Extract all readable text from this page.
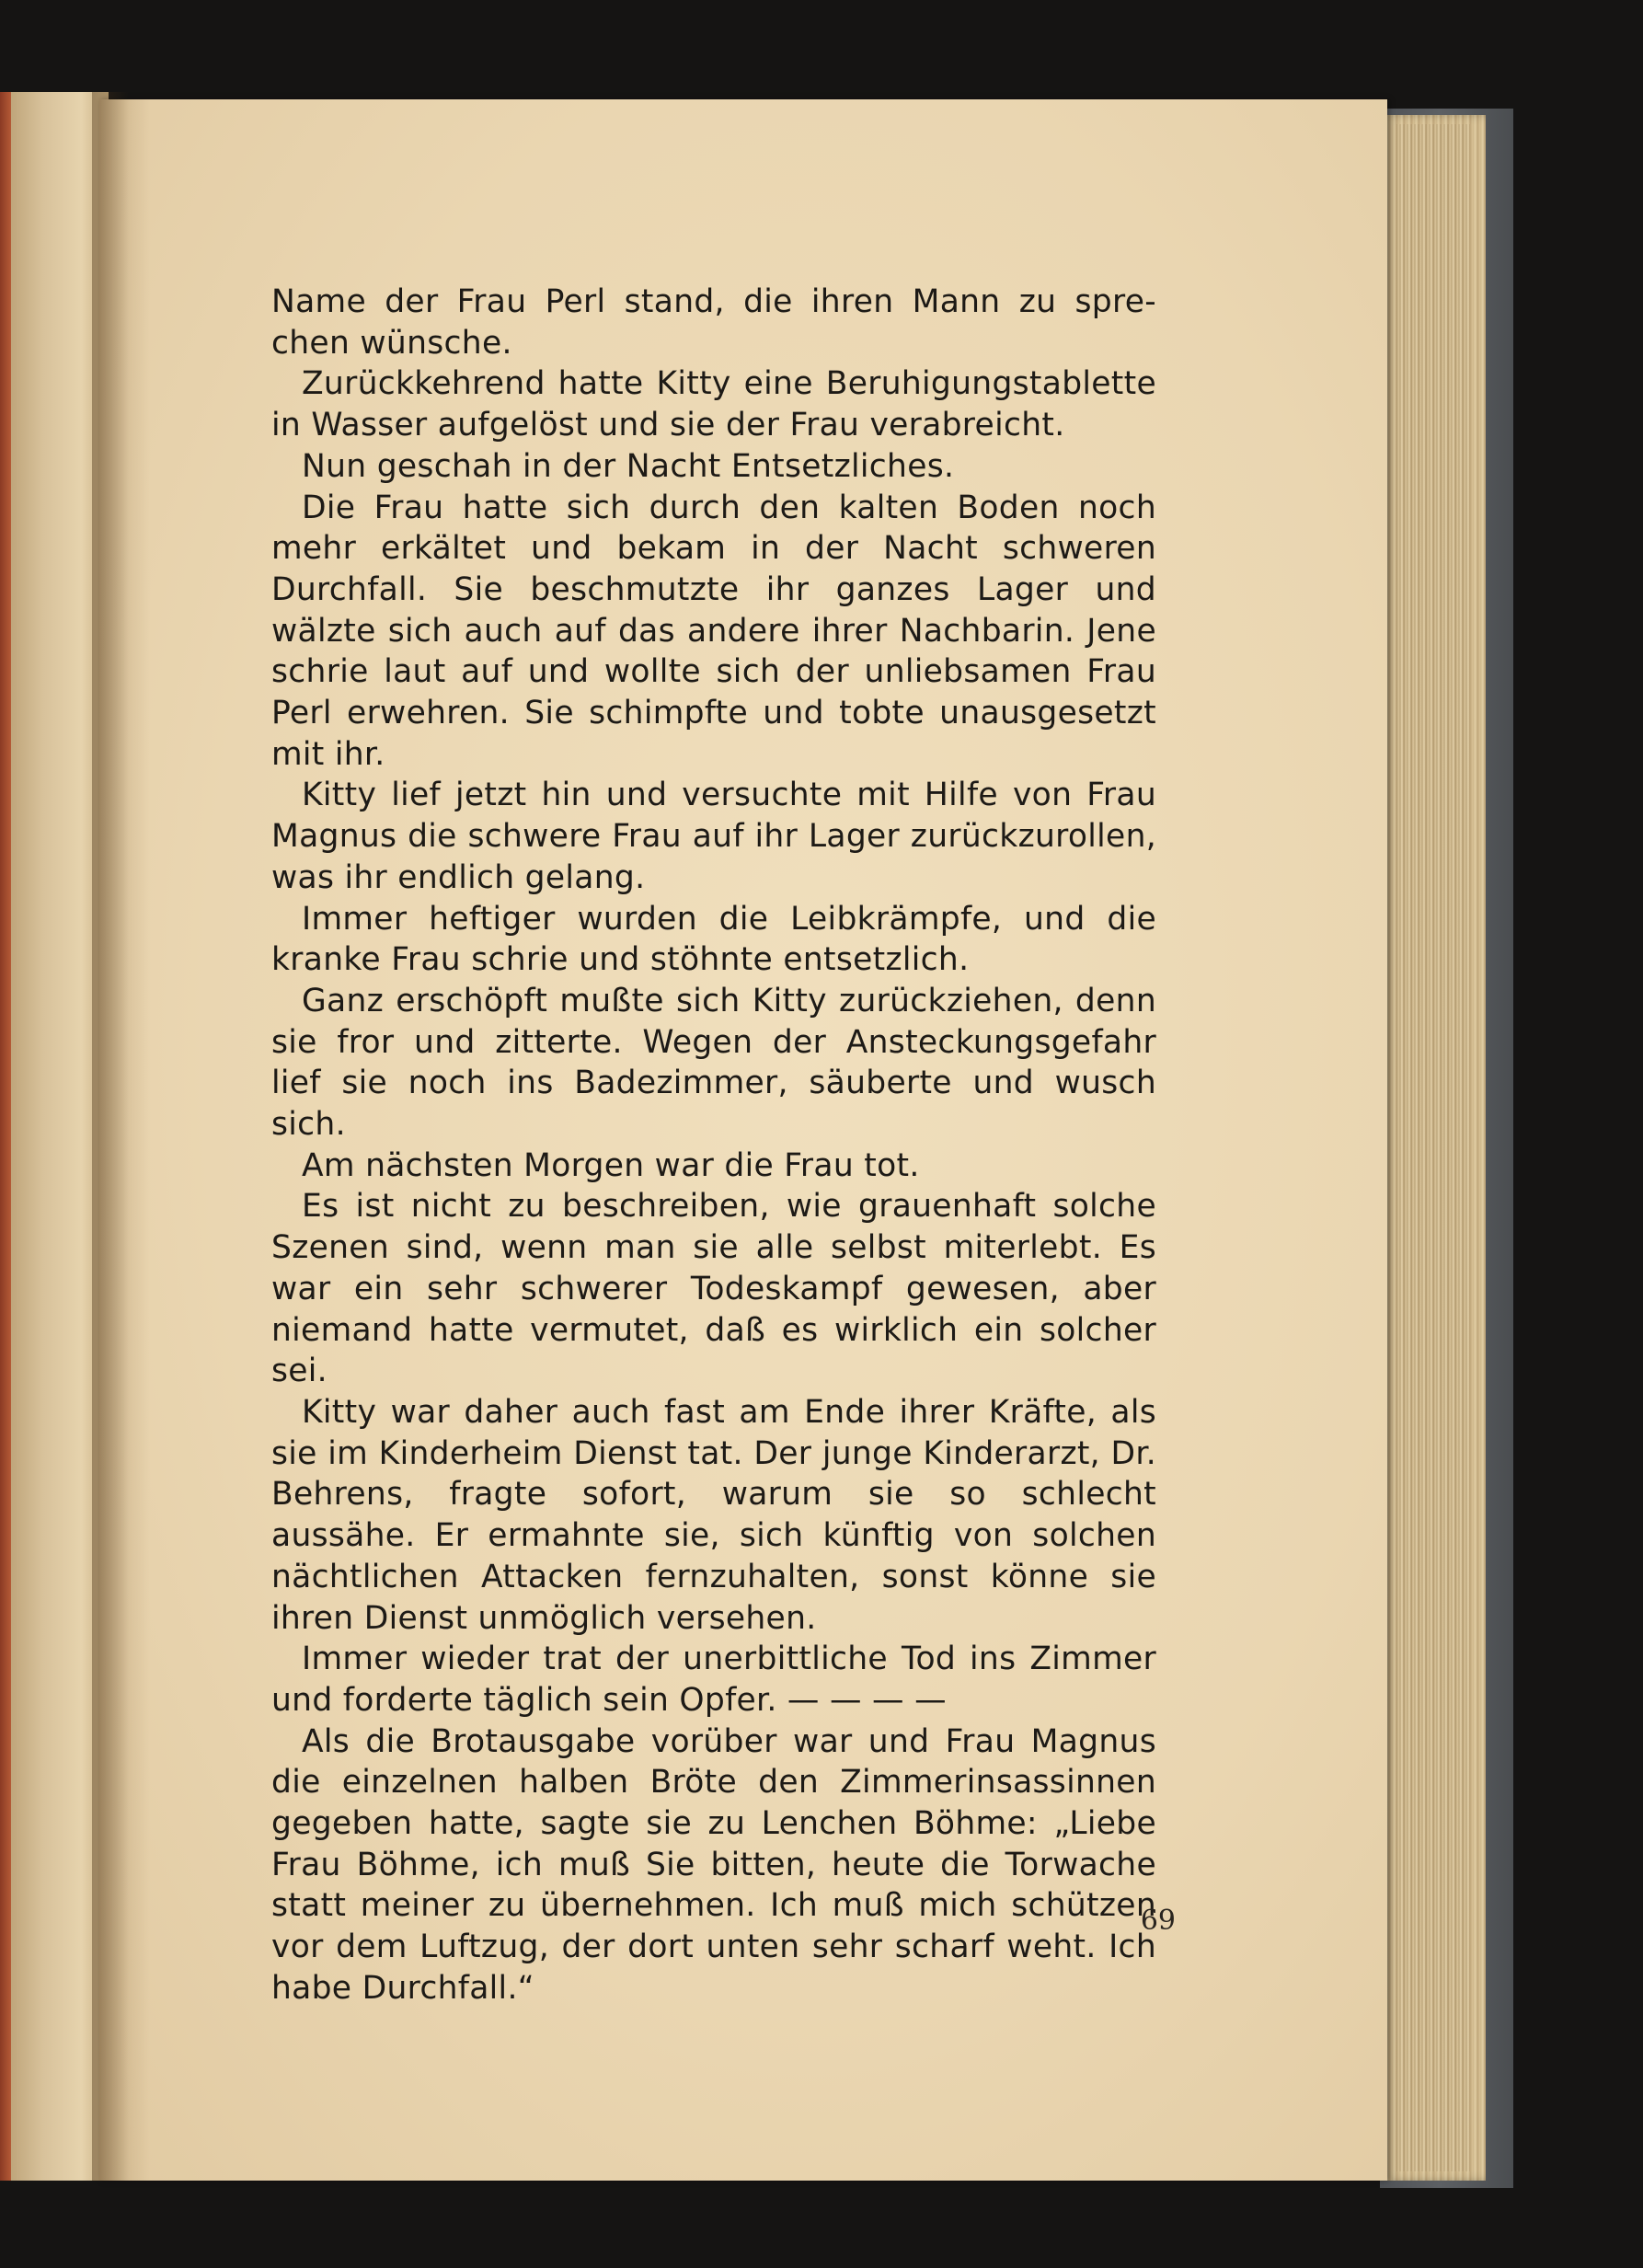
Name der Frau Perl stand, die ihren Mann zu spre- chen wünsche.

Zurückkehrend hatte Kitty eine Beruhigungstablette in Wasser aufgelöst und sie der Frau verabreicht.

Nun geschah in der Nacht Entsetzliches.

Die Frau hatte sich durch den kalten Boden noch mehr erkältet und bekam in der Nacht schweren Durchfall. Sie beschmutzte ihr ganzes Lager und wälzte sich auch auf das andere ihrer Nachbarin. Jene schrie laut auf und wollte sich der unliebsamen Frau Perl erwehren. Sie schimpfte und tobte unausgesetzt mit ihr.

Kitty lief jetzt hin und versuchte mit Hilfe von Frau Magnus die schwere Frau auf ihr Lager zurückzurollen, was ihr endlich gelang.

Immer heftiger wurden die Leibkrämpfe, und die kranke Frau schrie und stöhnte entsetzlich.

Ganz erschöpft mußte sich Kitty zurückziehen, denn sie fror und zitterte. Wegen der Ansteckungsgefahr lief sie noch ins Badezimmer, säuberte und wusch sich.

Am nächsten Morgen war die Frau tot.

Es ist nicht zu beschreiben, wie grauenhaft solche Szenen sind, wenn man sie alle selbst miterlebt. Es war ein sehr schwerer Todeskampf gewesen, aber niemand hatte vermutet, daß es wirklich ein solcher sei.

Kitty war daher auch fast am Ende ihrer Kräfte, als sie im Kinderheim Dienst tat. Der junge Kinderarzt, Dr. Behrens, fragte sofort, warum sie so schlecht aussähe. Er ermahnte sie, sich künftig von solchen nächtlichen Attacken fernzuhalten, sonst könne sie ihren Dienst unmöglich versehen.

Immer wieder trat der unerbittliche Tod ins Zimmer und forderte täglich sein Opfer. — — — —

Als die Brotausgabe vorüber war und Frau Magnus die einzelnen halben Bröte den Zimmerinsassinnen gegeben hatte, sagte sie zu Lenchen Böhme: „Liebe Frau Böhme, ich muß Sie bitten, heute die Torwache statt meiner zu übernehmen. Ich muß mich schützen vor dem Luftzug, der dort unten sehr scharf weht. Ich habe Durchfall.“

69
